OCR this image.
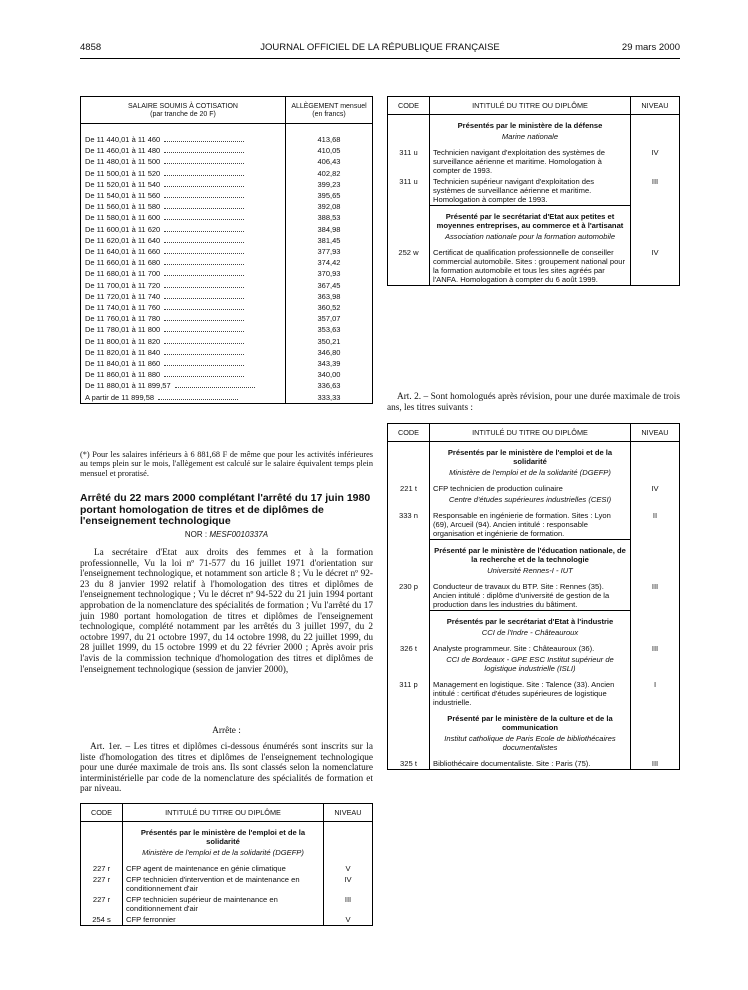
4858	JOURNAL OFFICIEL DE LA RÉPUBLIQUE FRANÇAISE	29 mars 2000
SALAIRE SOUMIS À COTISATION
(par tranche de 20 F)	ALLÈGEMENT mensuel (en francs)
De 11 440,01 à 11 460	413,68
De 11 460,01 à 11 480	410,05
De 11 480,01 à 11 500	406,43
De 11 500,01 à 11 520	402,82
De 11 520,01 à 11 540	399,23
De 11 540,01 à 11 560	395,65
De 11 560,01 à 11 580	392,08
De 11 580,01 à 11 600	388,53
De 11 600,01 à 11 620	384,98
De 11 620,01 à 11 640	381,45
De 11 640,01 à 11 660	377,93
De 11 660,01 à 11 680	374,42
De 11 680,01 à 11 700	370,93
De 11 700,01 à 11 720	367,45
De 11 720,01 à 11 740	363,98
De 11 740,01 à 11 760	360,52
De 11 760,01 à 11 780	357,07
De 11 780,01 à 11 800	353,63
De 11 800,01 à 11 820	350,21
De 11 820,01 à 11 840	346,80
De 11 840,01 à 11 860	343,39
De 11 860,01 à 11 880	340,00
De 11 880,01 à 11 899,57	336,63
A partir de 11 899,58	333,33
(*) Pour les salaires inférieurs à 6 881,68 F de même que pour les activités inférieures au temps plein sur le mois, l'allègement est calculé sur le salaire équivalent temps plein mensuel et proratisé.
Arrêté du 22 mars 2000 complétant l'arrêté du 17 juin 1980 portant homologation de titres et de diplômes de l'enseignement technologique
NOR : MESF0010337A
La secrétaire d'Etat aux droits des femmes et à la formation professionnelle, Vu la loi nº 71-577 du 16 juillet 1971 d'orientation sur l'enseignement technologique, et notamment son article 8 ; Vu le décret nº 92-23 du 8 janvier 1992 relatif à l'homologation des titres et diplômes de l'enseignement technologique ; Vu le décret nº 94-522 du 21 juin 1994 portant approbation de la nomenclature des spécialités de formation ; Vu l'arrêté du 17 juin 1980 portant homologation de titres et diplômes de l'enseignement technologique, complété notamment par les arrêtés du 3 juillet 1997, du 2 octobre 1997, du 21 octobre 1997, du 14 octobre 1998, du 22 juillet 1999, du 28 juillet 1999, du 15 octobre 1999 et du 22 février 2000 ; Après avoir pris l'avis de la commission technique d'homologation des titres et diplômes de l'enseignement technologique (session de janvier 2000),
Arrête :
Art. 1er. – Les titres et diplômes ci-dessous énumérés sont inscrits sur la liste d'homologation des titres et diplômes de l'enseignement technologique pour une durée maximale de trois ans. Ils sont classés selon la nomenclature interministérielle par code de la nomenclature des spécialités de formation et par niveau.
CODE	INTITULÉ DU TITRE OU DIPLÔME	NIVEAU
	Présentés par le ministère de l'emploi et de la solidarité	
	Ministère de l'emploi et de la solidarité (DGEFP)	
227 r	CFP agent de maintenance en génie climatique	V
227 r	CFP technicien d'intervention et de maintenance en conditionnement d'air	IV
227 r	CFP technicien supérieur de maintenance en conditionnement d'air	III
254 s	CFP ferronnier	V
CODE	INTITULÉ DU TITRE OU DIPLÔME	NIVEAU
	Présentés par le ministère de la défense	
	Marine nationale	
311 u	Technicien navigant d'exploitation des systèmes de surveillance aérienne et maritime. Homologation à compter de 1993.	IV
311 u	Technicien supérieur navigant d'exploitation des systèmes de surveillance aérienne et maritime. Homologation à compter de 1993.	III
	Présenté par le secrétariat d'Etat aux petites et moyennes entreprises, au commerce et à l'artisanat	
	Association nationale pour la formation automobile	
252 w	Certificat de qualification professionnelle de conseiller commercial automobile. Sites : groupement national pour la formation automobile et tous les sites agréés par l'ANFA. Homologation à compter du 6 août 1999.	IV
Art. 2. – Sont homologués après révision, pour une durée maximale de trois ans, les titres suivants :
CODE	INTITULÉ DU TITRE OU DIPLÔME	NIVEAU
	Présentés par le ministère de l'emploi et de la solidarité	
	Ministère de l'emploi et de la solidarité (DGEFP)	
221 t	CFP technicien de production culinaire	IV
	Centre d'études supérieures industrielles (CESI)	
333 n	Responsable en ingénierie de formation. Sites : Lyon (69), Arcueil (94). Ancien intitulé : responsable organisation et ingénierie de formation.	II
	Présenté par le ministère de l'éducation nationale, de la recherche et de la technologie	
	Université Rennes-I - IUT	
230 p	Conducteur de travaux du BTP. Site : Rennes (35). Ancien intitulé : diplôme d'université de gestion de la production dans les industries du bâtiment.	III
	Présentés par le secrétariat d'Etat à l'industrie	
	CCI de l'Indre - Châteauroux	
326 t	Analyste programmeur. Site : Châteauroux (36).	III
	CCI de Bordeaux - GPE ESC Institut supérieur de logistique industrielle (ISLI)	
311 p	Management en logistique. Site : Talence (33). Ancien intitulé : certificat d'études supérieures de logistique industrielle.	I
	Présenté par le ministère de la culture et de la communication	
	Institut catholique de Paris Ecole de bibliothécaires documentalistes	
325 t	Bibliothécaire documentaliste. Site : Paris (75).	III
